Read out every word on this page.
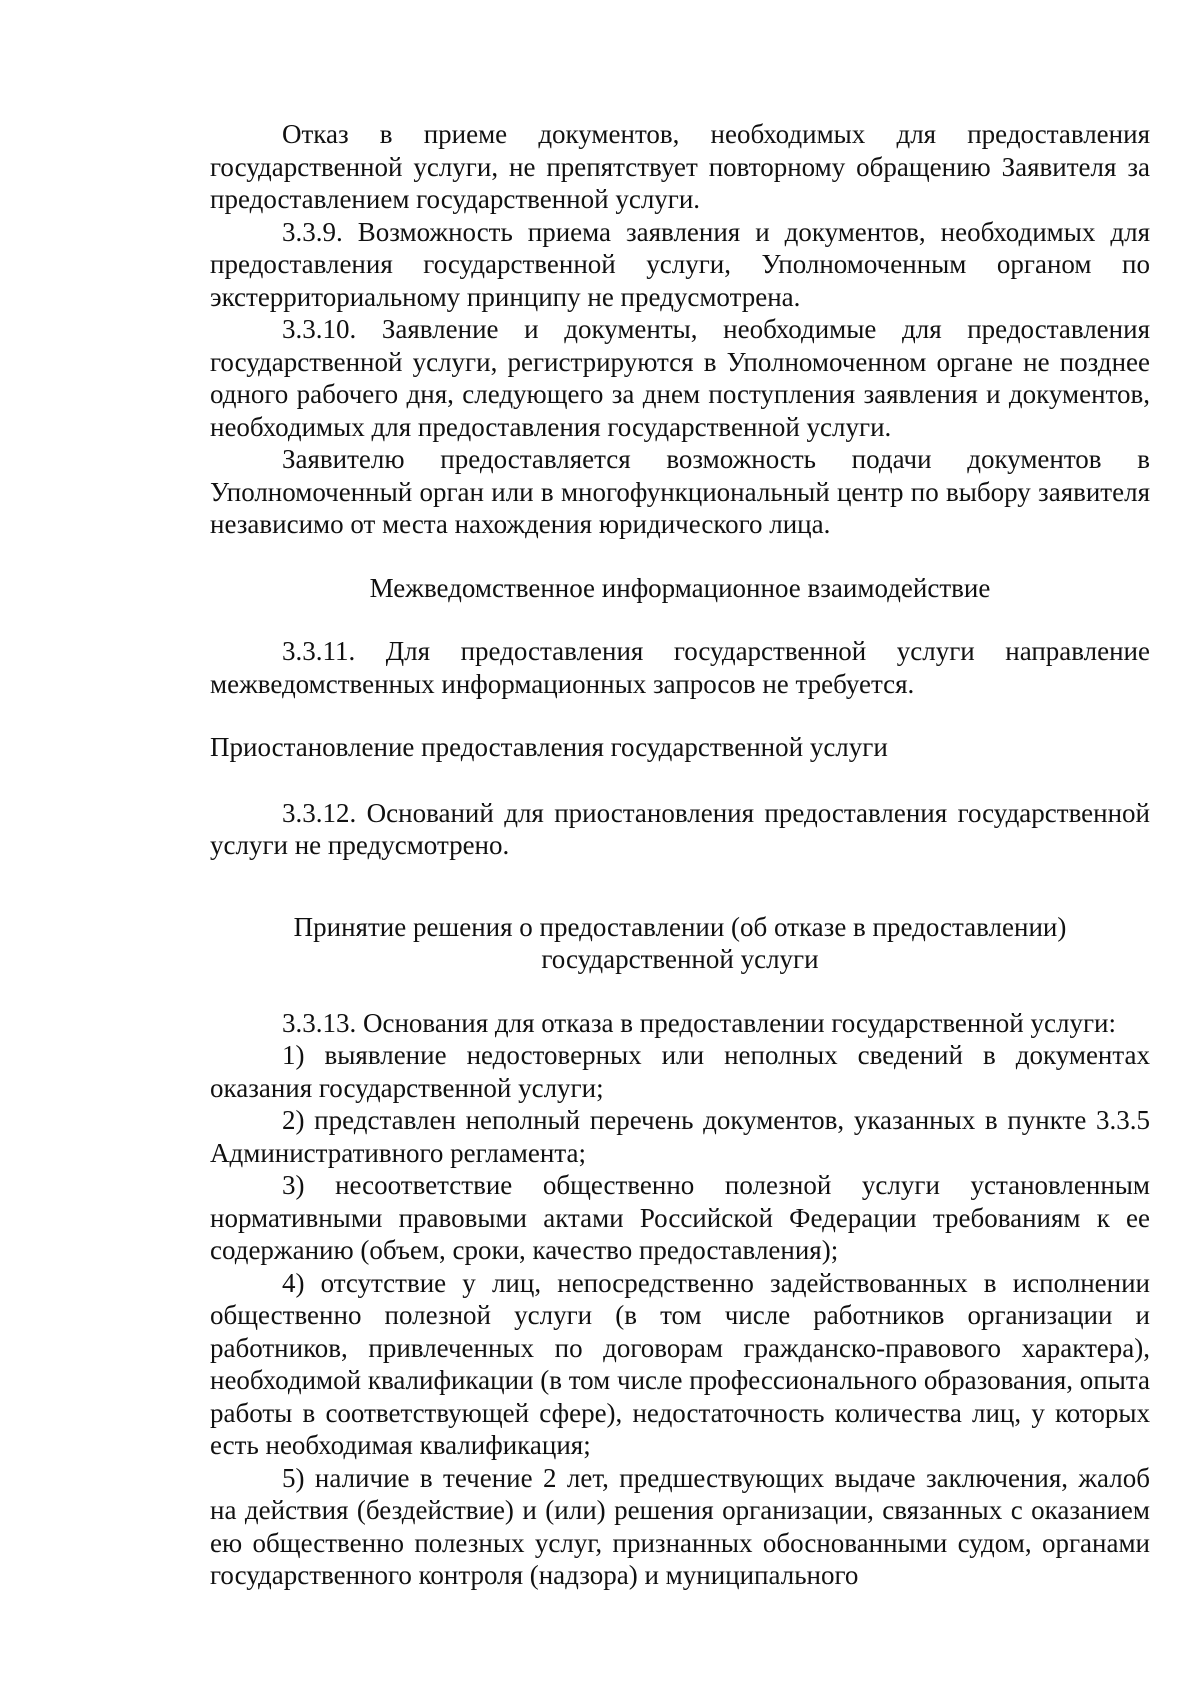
Отказ в приеме документов, необходимых для предоставления государственной услуги, не препятствует повторному обращению Заявителя за предоставлением государственной услуги.

3.3.9. Возможность приема заявления и документов, необходимых для предоставления государственной услуги, Уполномоченным органом по экстерриториальному принципу не предусмотрена.

3.3.10. Заявление и документы, необходимые для предоставления государственной услуги, регистрируются в Уполномоченном органе не позднее одного рабочего дня, следующего за днем поступления заявления и документов, необходимых для предоставления государственной услуги.

Заявителю предоставляется возможность подачи документов в Уполномоченный орган или в многофункциональный центр по выбору заявителя независимо от места нахождения юридического лица.

Межведомственное информационное взаимодействие

3.3.11. Для предоставления государственной услуги направление межведомственных информационных запросов не требуется.

Приостановление предоставления государственной услуги

3.3.12. Оснований для приостановления предоставления государственной услуги не предусмотрено.

Принятие решения о предоставлении (об отказе в предоставлении)

государственной услуги

3.3.13. Основания для отказа в предоставлении государственной услуги:

1) выявление недостоверных или неполных сведений в документах оказания государственной услуги;

2) представлен неполный перечень документов, указанных в пункте 3.3.5 Административного регламента;

3) несоответствие общественно полезной услуги установленным нормативными правовыми актами Российской Федерации требованиям к ее содержанию (объем, сроки, качество предоставления);

4) отсутствие у лиц, непосредственно задействованных в исполнении общественно полезной услуги (в том числе работников организации и работников, привлеченных по договорам гражданско-правового характера), необходимой квалификации (в том числе профессионального образования, опыта работы в соответствующей сфере), недостаточность количества лиц, у которых есть необходимая квалификация;

5) наличие в течение 2 лет, предшествующих выдаче заключения, жалоб на действия (бездействие) и (или) решения организации, связанных с оказанием ею общественно полезных услуг, признанных обоснованными судом, органами государственного контроля (надзора) и муниципального
